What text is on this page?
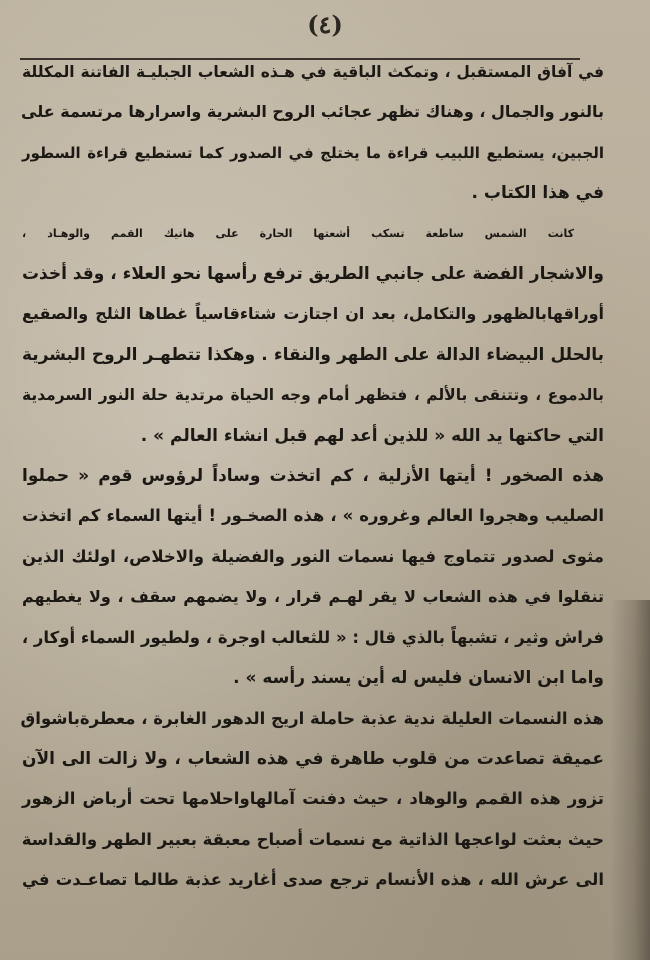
(٤)

في آفاق المستقبل ، وتمكث الباقية في هـذه الشعاب الجبليـة الفاتنة المكللة
بالنور والجمال ، وهناك تظهر عجائب الروح البشرية واسرارها مرتسمة على
الجبين، يستطيع اللبيب قراءة ما يختلج في الصدور كما تستطيع قراءة السطور
في هذا الكتاب .

كانت الشمس ساطعة تسكب أشعتها الحارة على هاتيك القمم والوهـاد ،
والاشجار الفضة على جانبي الطريق ترفع رأسها نحو العلاء ، وقد أخذت
أوراقهابالظهور والتكامل، بعد ان اجتازت شتاءقاسياً غطاها الثلج والصقيع
بالحلل البيضاء الدالة على الطهر والنقاء . وهكذا تتطهـر الروح البشرية
بالدموع ، وتتنقى بالألم ، فتظهر أمام وجه الحياة مرتدية حلة النور السرمدية
التي حاكتها يد الله « للذين أعد لهم قبل انشاء العالم » .

هذه الصخور ! أيتها الأزلية ، كم اتخذت وساداً لرؤوس قوم « حملوا
الصليب وهجروا العالم وغروره » ، هذه الصخـور ! أيتها السماء كم اتخذت
مثوى لصدور تتماوج فيها نسمات النور والفضيلة والاخلاص، اولئك الذين
تنقلوا في هذه الشعاب لا يقر لهـم قرار ، ولا يضمهم سقف ، ولا يغطيهم
فراش وثير ، تشبهاً بالذي قال : « للثعالب اوجرة ، ولطيور السماء أوكار ،
واما ابن الانسان فليس له أين يسند رأسه » .

هذه النسمات العليلة ندية عذبة حاملة اريج الدهور الغابرة ، معطرةباشواق
عميقة تصاعدت من قلوب طاهرة في هذه الشعاب ، ولا زالت الى الآن
تزور هذه القمم والوهاد ، حيث دفنت آمالهاواحلامها تحت أرباض الزهور
حيث بعثت لواعجها الذاتية مع نسمات أصباح معبقة بعبير الطهر والقداسة
الى عرش الله ، هذه الأنسام ترجع صدى أغاريد عذبة طالما تصاعـدت في
